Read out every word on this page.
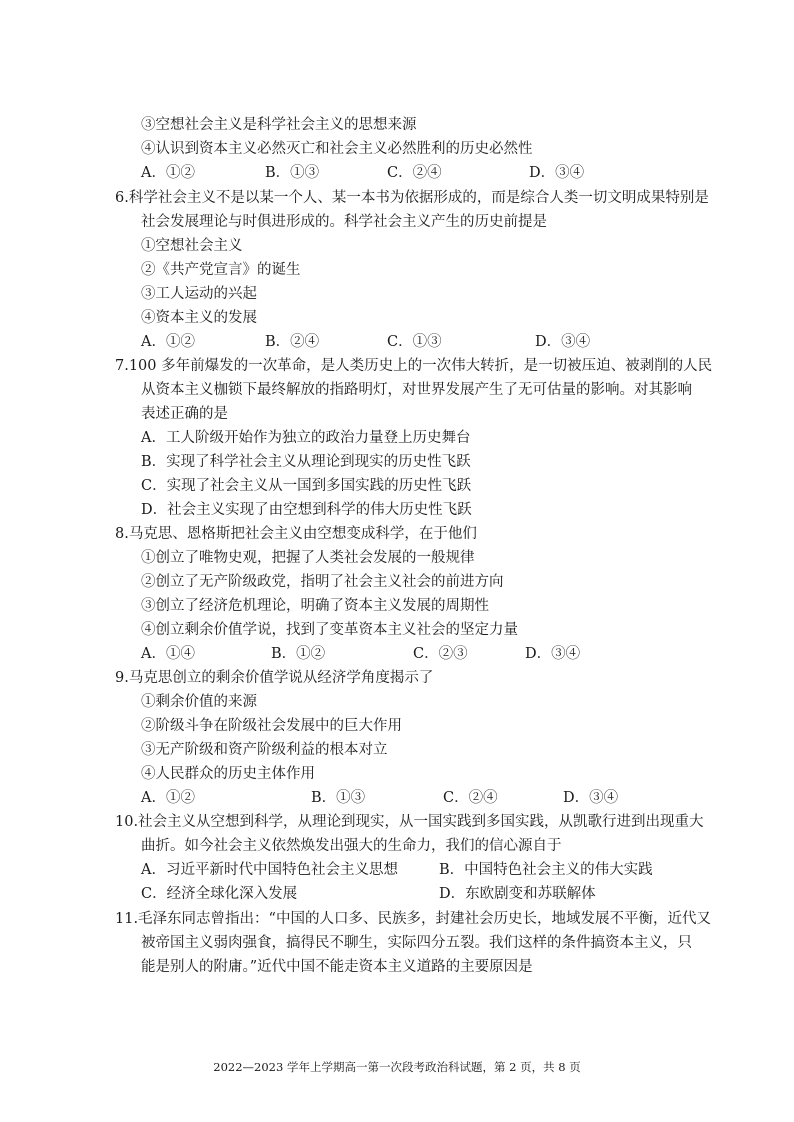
③空想社会主义是科学社会主义的思想来源
④认识到资本主义必然灭亡和社会主义必然胜利的历史必然性
A．①②	B．①③	C．②④	D．③④
6.科学社会主义不是以某一个人、某一本书为依据形成的，而是综合人类一切文明成果特别是
社会发展理论与时俱进形成的。科学社会主义产生的历史前提是
①空想社会主义
②《共产党宣言》的诞生
③工人运动的兴起
④资本主义的发展
A．①②	B．②④	C．①③	D．③④
7.100 多年前爆发的一次革命，是人类历史上的一次伟大转折，是一切被压迫、被剥削的人民
从资本主义枷锁下最终解放的指路明灯，对世界发展产生了无可估量的影响。对其影响
表述正确的是
A．工人阶级开始作为独立的政治力量登上历史舞台
B．实现了科学社会主义从理论到现实的历史性飞跃
C．实现了社会主义从一国到多国实践的历史性飞跃
D．社会主义实现了由空想到科学的伟大历史性飞跃
8.马克思、恩格斯把社会主义由空想变成科学，在于他们
①创立了唯物史观，把握了人类社会发展的一般规律
②创立了无产阶级政党，指明了社会主义社会的前进方向
③创立了经济危机理论，明确了资本主义发展的周期性
④创立剩余价值学说，找到了变革资本主义社会的坚定力量
A．①④	B．①②	C．②③	D．③④
9.马克思创立的剩余价值学说从经济学角度揭示了
①剩余价值的来源
②阶级斗争在阶级社会发展中的巨大作用
③无产阶级和资产阶级利益的根本对立
④人民群众的历史主体作用
A．①②	B．①③	C．②④	D．③④
10.社会主义从空想到科学，从理论到现实，从一国实践到多国实践，从凯歌行进到出现重大
曲折。如今社会主义依然焕发出强大的生命力，我们的信心源自于
A．习近平新时代中国特色社会主义思想	B．中国特色社会主义的伟大实践
C．经济全球化深入发展	D．东欧剧变和苏联解体
11.毛泽东同志曾指出：“中国的人口多、民族多，封建社会历史长，地域发展不平衡，近代又
被帝国主义弱肉强食，搞得民不聊生，实际四分五裂。我们这样的条件搞资本主义，只
能是别人的附庸。”近代中国不能走资本主义道路的主要原因是
2022—2023 学年上学期高一第一次段考政治科试题，第 2 页，共 8 页
